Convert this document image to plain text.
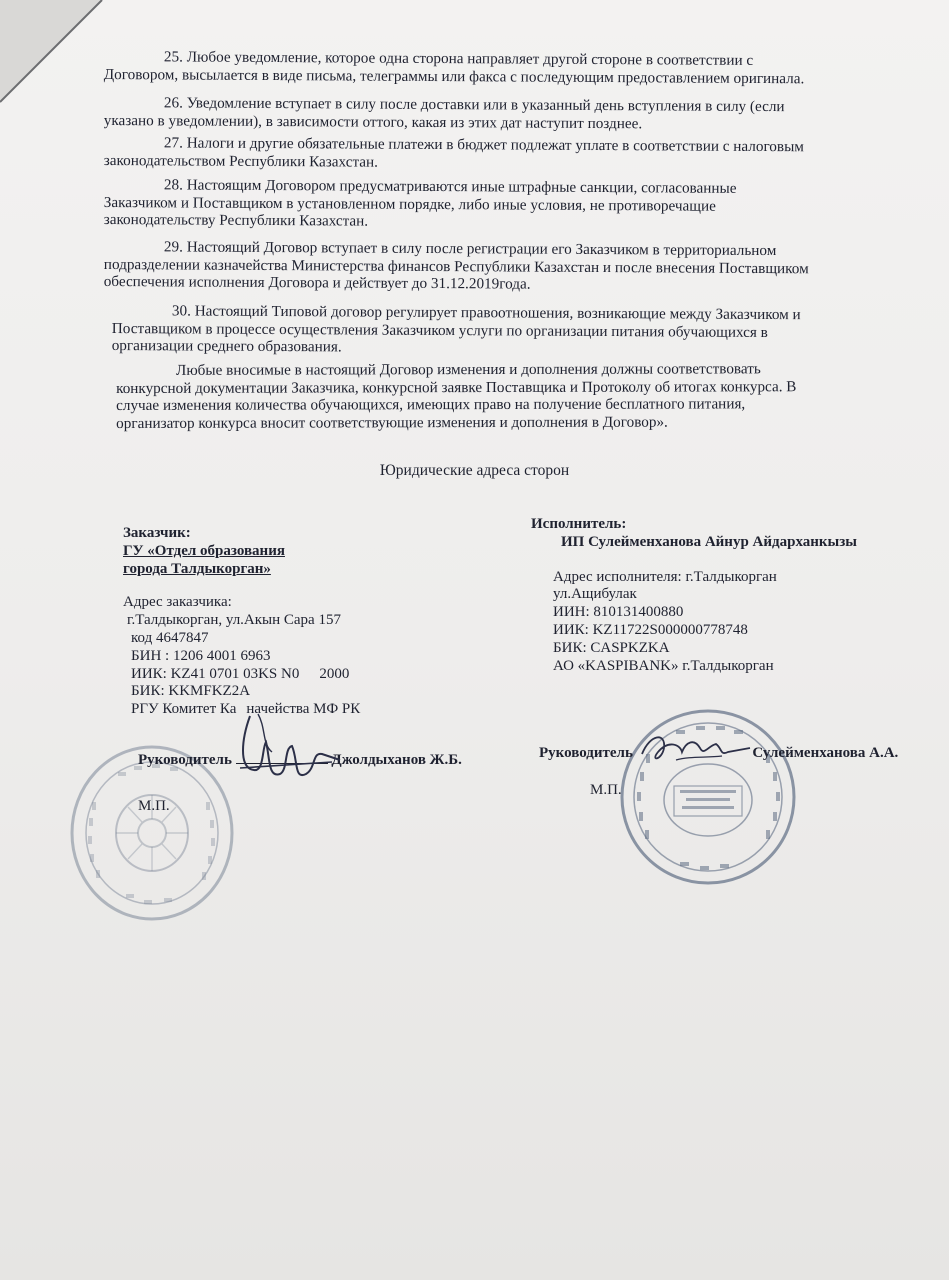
25. Любое уведомление, которое одна сторона направляет другой стороне в соответствии с
Договором, высылается в виде письма, телеграммы или факса с последующим предоставлением оригинала.
26. Уведомление вступает в силу после доставки или в указанный день вступления в силу (если
указано в уведомлении), в зависимости оттого, какая из этих дат наступит позднее.
27. Налоги и другие обязательные платежи в бюджет подлежат уплате в соответствии с налоговым
законодательством Республики Казахстан.
28. Настоящим Договором предусматриваются иные штрафные санкции, согласованные
Заказчиком и Поставщиком в установленном порядке, либо иные условия, не противоречащие
законодательству Республики Казахстан.
29. Настоящий Договор вступает в силу после регистрации его Заказчиком в территориальном
подразделении казначейства Министерства финансов Республики Казахстан и после внесения Поставщиком
обеспечения исполнения Договора и действует до 31.12.2019года.
30. Настоящий Типовой договор регулирует правоотношения, возникающие между Заказчиком и
Поставщиком в процессе осуществления Заказчиком услуги по организации питания обучающихся в
организации среднего образования.
Любые вносимые в настоящий Договор изменения и дополнения должны соответствовать
конкурсной документации Заказчика, конкурсной заявке Поставщика и Протоколу об итогах конкурса. В
случае изменения количества обучающихся, имеющих право на получение бесплатного питания,
организатор конкурса вносит соответствующие изменения и дополнения в Договор».
Юридические адреса сторон
Заказчик:
ГУ «Отдел образования
города Талдыкорган»
Адрес заказчика:
г.Талдыкорган, ул.Акын Сара 157
код 4647847
БИН : 1206 4001 6963
ИИК: KZ41 0701 03KS N0 2000
БИК: KKMFKZ2A
РГУ Комитет Ка начейства МФ РК
Руководитель	Джолдыханов Ж.Б.
М.П.
Исполнитель:
ИП Сулейменханова Айнур Айдарханкызы
Адрес исполнителя: г.Талдыкорган
ул.Ащибулак
ИИН: 810131400880
ИИК: KZ11722S000000778748
БИК: CASPKZKA
АО «KASPIBANK» г.Талдыкорган
Руководитель	Сулейменханова А.А.
М.П.
